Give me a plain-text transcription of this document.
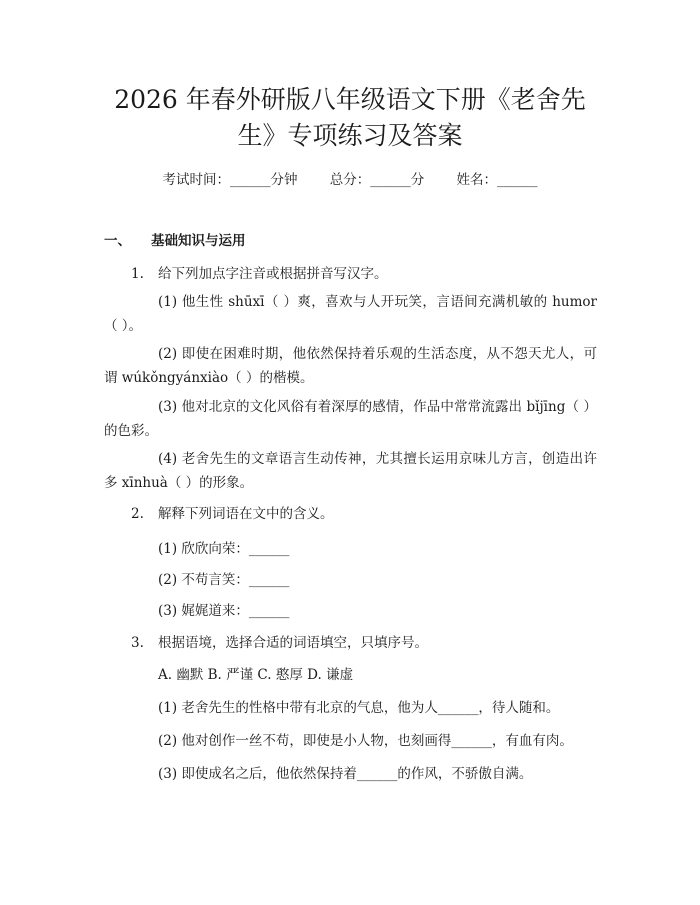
2026 年春外研版八年级语文下册《老舍先
生》专项练习及答案
考试时间：______分钟 总分：______分 姓名：______
一、 基础知识与运用
1. 给下列加点字注音或根据拼音写汉字。
(1) 他生性 shūxī（ ）爽，喜欢与人开玩笑，言语间充满机敏的 humor（ ）。
(2) 即使在困难时期，他依然保持着乐观的生活态度，从不怨天尤人，可谓 wúkǒngyánxiào（ ）的楷模。
(3) 他对北京的文化风俗有着深厚的感情，作品中常常流露出 bǐjīng（ ）的色彩。
(4) 老舍先生的文章语言生动传神，尤其擅长运用京味儿方言，创造出许多 xīnhuà（ ）的形象。
2. 解释下列词语在文中的含义。
(1) 欣欣向荣：______
(2) 不苟言笑：______
(3) 娓娓道来：______
3. 根据语境，选择合适的词语填空，只填序号。
A. 幽默 B. 严谨 C. 憨厚 D. 谦虚
(1) 老舍先生的性格中带有北京的气息，他为人______，待人随和。
(2) 他对创作一丝不苟，即使是小人物，也刻画得______，有血有肉。
(3) 即使成名之后，他依然保持着______的作风，不骄傲自满。
